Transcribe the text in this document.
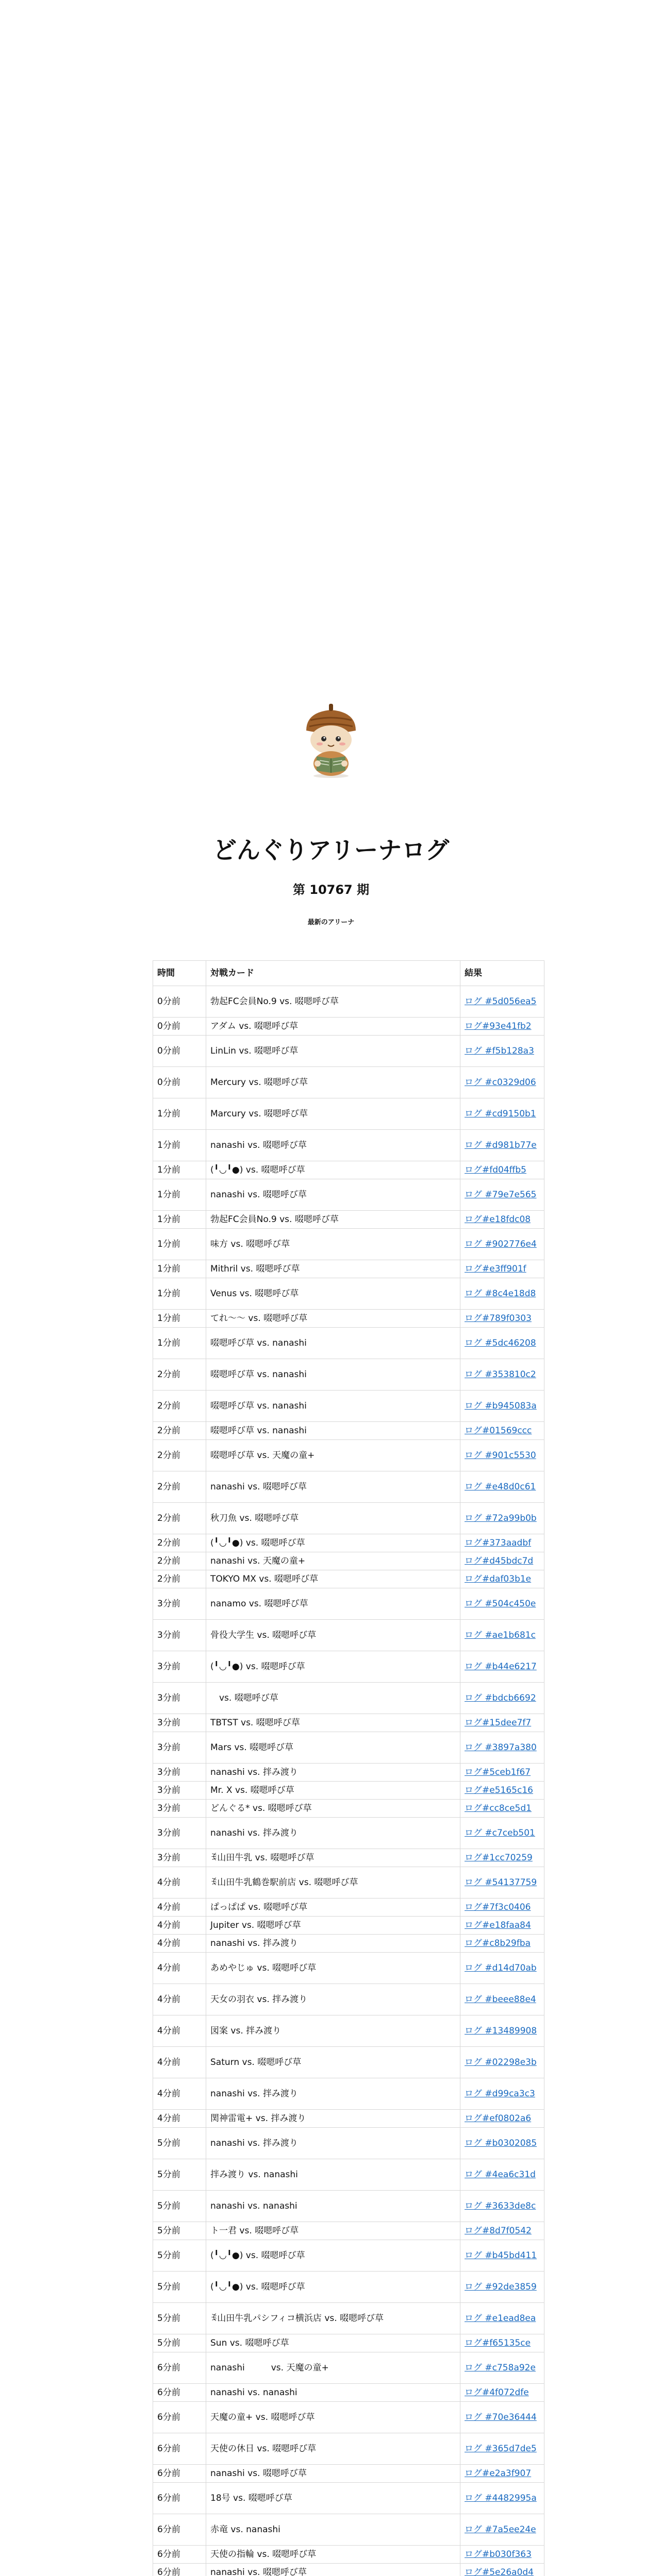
どんぐりアリーナログ
第 10767 期
最新のアリーナ
時間	対戦カード	結果
0分前	勃起FC会員No.9 vs. 啜嗯呼び草	ログ #5d056ea5
0分前	アダム vs. 啜嗯呼び草	ログ#93e41fb2
0分前	LinLin vs. 啜嗯呼び草	ログ #f5b128a3
0分前	Mercury vs. 啜嗯呼び草	ログ #c0329d06
1分前	Marcury vs. 啜嗯呼び草	ログ #cd9150b1
1分前	nanashi vs. 啜嗯呼び草	ログ #d981b77e
1分前	(╹◡╹●) vs. 啜嗯呼び草	ログ#fd04ffb5
1分前	nanashi vs. 啜嗯呼び草	ログ #79e7e565
1分前	勃起FC会員No.9 vs. 啜嗯呼び草	ログ#e18fdc08
1分前	味方 vs. 啜嗯呼び草	ログ #902776e4
1分前	Mithril vs. 啜嗯呼び草	ログ#e3ff901f
1分前	Venus vs. 啜嗯呼び草	ログ #8c4e18d8
1分前	てれ～～ vs. 啜嗯呼び草	ログ#789f0303
1分前	啜嗯呼び草 vs. nanashi	ログ #5dc46208
2分前	啜嗯呼び草 vs. nanashi	ログ #353810c2
2分前	啜嗯呼び草 vs. nanashi	ログ #b945083a
2分前	啜嗯呼び草 vs. nanashi	ログ#01569ccc
2分前	啜嗯呼び草 vs. 天魔の童+	ログ #901c5530
2分前	nanashi vs. 啜嗯呼び草	ログ #e48d0c61
2分前	秋刀魚 vs. 啜嗯呼び草	ログ #72a99b0b
2分前	(╹◡╹●) vs. 啜嗯呼び草	ログ#373aadbf
2分前	nanashi vs. 天魔の童+	ログ#d45bdc7d
2分前	TOKYO MX vs. 啜嗯呼び草	ログ#daf03b1e
3分前	nanamo vs. 啜嗯呼び草	ログ #504c450e
3分前	骨役大学生 vs. 啜嗯呼び草	ログ #ae1b681c
3分前	(╹◡╹●) vs. 啜嗯呼び草	ログ #b44e6217
3分前	　vs. 啜嗯呼び草	ログ #bdcb6692
3分前	TBTST vs. 啜嗯呼び草	ログ#15dee7f7
3分前	Mars vs. 啜嗯呼び草	ログ #3897a380
3分前	nanashi vs. 拌み渡り	ログ#5ceb1f67
3分前	Mr. X vs. 啜嗯呼び草	ログ#e5165c16
3分前	どんぐる* vs. 啜嗯呼び草	ログ#cc8ce5d1
3分前	nanashi vs. 拌み渡り	ログ #c7ceb501
3分前	ꉂ山田牛乳 vs. 啜嗯呼び草	ログ#1cc70259
4分前	ꉂ山田牛乳鶴巻駅前店 vs. 啜嗯呼び草	ログ #54137759
4分前	ぱっぱぱ vs. 啜嗯呼び草	ログ#7f3c0406
4分前	Jupiter vs. 啜嗯呼び草	ログ#e18faa84
4分前	nanashi vs. 拌み渡り	ログ#c8b29fba
4分前	あめやじゅ vs. 啜嗯呼び草	ログ #d14d70ab
4分前	天女の羽衣 vs. 拌み渡り	ログ #beee88e4
4分前	図案 vs. 拌み渡り	ログ #13489908
4分前	Saturn vs. 啜嗯呼び草	ログ #02298e3b
4分前	nanashi vs. 拌み渡り	ログ #d99ca3c3
4分前	関神雷電+ vs. 拌み渡り	ログ#ef0802a6
5分前	nanashi vs. 拌み渡り	ログ #b0302085
5分前	拌み渡り vs. nanashi	ログ #4ea6c31d
5分前	nanashi vs. nanashi	ログ #3633de8c
5分前	ト一君 vs. 啜嗯呼び草	ログ#8d7f0542
5分前	(╹◡╹●) vs. 啜嗯呼び草	ログ #b45bd411
5分前	(╹◡╹●) vs. 啜嗯呼び草	ログ #92de3859
5分前	ꉂ山田牛乳パシフィコ横浜店 vs. 啜嗯呼び草	ログ #e1ead8ea
5分前	Sun vs. 啜嗯呼び草	ログ#f65135ce
6分前	nanashi　　　vs. 天魔の童+	ログ #c758a92e
6分前	nanashi vs. nanashi	ログ#4f072dfe
6分前	天魔の童+ vs. 啜嗯呼び草	ログ #70e36444
6分前	天使の休日 vs. 啜嗯呼び草	ログ #365d7de5
6分前	nanashi vs. 啜嗯呼び草	ログ#e2a3f907
6分前	18号 vs. 啜嗯呼び草	ログ #4482995a
6分前	赤竜 vs. nanashi	ログ #7a5ee24e
6分前	天使の指輪 vs. 啜嗯呼び草	ログ#b030f363
6分前	nanashi vs. 啜嗯呼び草	ログ#5e26a0d4
